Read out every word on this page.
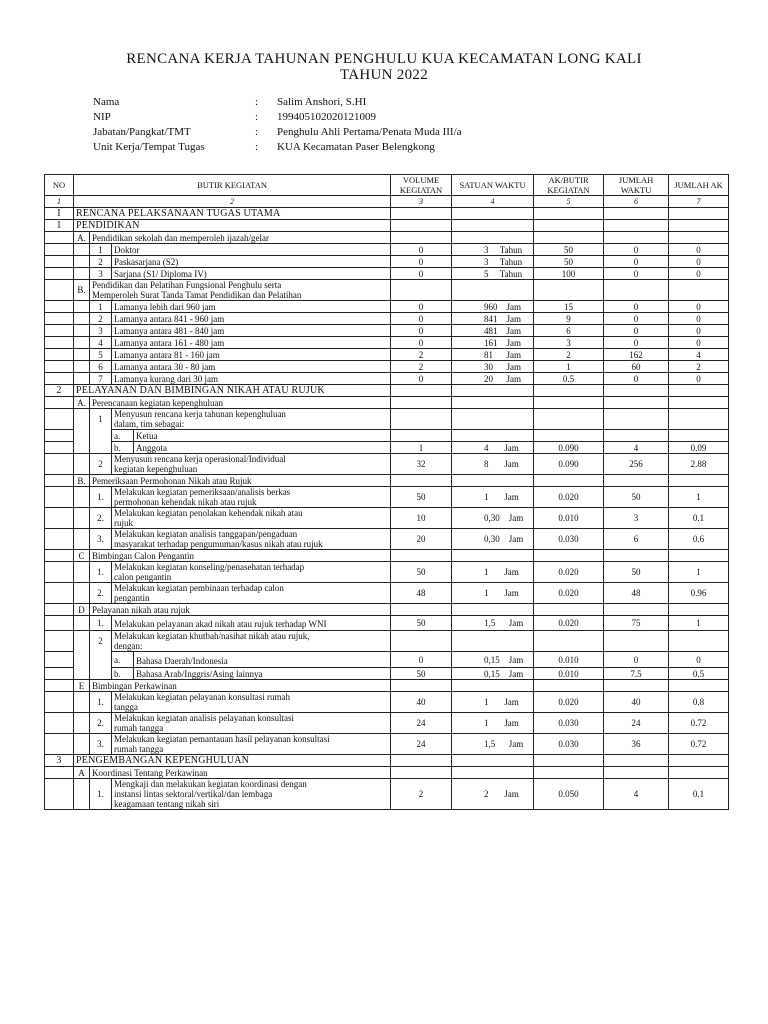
RENCANA KERJA TAHUNAN PENGHULU KUA KECAMATAN LONG KALI
TAHUN 2022
Nama	:	Salim Anshori, S.HI
NIP	:	199405102020121009
Jabatan/Pangkat/TMT	:	Penghulu Ahli Pertama/Penata Muda III/a
Unit Kerja/Tempat Tugas	:	KUA Kecamatan Paser Belengkong
NO	BUTIR KEGIATAN				VOLUME KEGIATAN	SATUAN WAKTU	AK/BUTIR KEGIATAN	JUMLAH WAKTU	JUMLAH AK
1	2				3	4	5	6	7
I	RENCANA PELAKSANAAN TUGAS UTAMA								
1	PENDIDIKAN								
	A.	Pendidikan sekolah dan memperoleh ijazah/gelar							
		1	Doktor		0	3 Tahun	50	0	0
		2	Paskasarjana (S2)		0	3 Tahun	50	0	0
		3	Sarjana (S1/ Diploma IV)		0	5 Tahun	100	0	0
	B.	Pendidikan dan Pelatihan Fungsional Penghulu serta
Memperoleh Surat Tanda Tamat Pendidikan dan Pelatihan							

		1	Lamanya lebih dari 960 jam		0	960 Jam	15	0	0
		2	Lamanya antara 841 - 960 jam		0	841 Jam	9	0	0
		3	Lamanya antara 481 - 840 jam		0	481 Jam	6	0	0
		4	Lamanya antara 161 - 480 jam		0	161 Jam	3	0	0
		5	Lamanya antara 81 - 160 jam		2	81 Jam	2	162	4
		6	Lamanya antara 30 - 80 jam		2	30 Jam	1	60	2
		7	Lamanya kurang dari 30 jam		0	20 Jam	0.5	0	0
2	PELAYANAN DAN BIMBINGAN NIKAH ATAU RUJUK								
	A.	Perencanaan kegiatan kepenghuluan							
		1	Menyusun rencana kerja tahunan kepenghuluan
dalam, tim sebagai:						

			a.	Ketua					
			b.	Anggota	1	4 Jam	0.090	4	0.09
		2	Menyusun rencana kerja operasional/Individual
kegiatan kepenghuluan		32	8 Jam	0.090	256	2.88
	B.	Pemeriksaan Permohonan Nikah atau Rujuk							
		1.	Melakukan kegiatan pemeriksaan/analisis berkas
permohonan kehendak nikah atau rujuk		50	1 Jam	0.020	50	1
		2.	Melakukan kegiatan penolakan kehendak nikah atau
rujuk		10	0,30 Jam	0.010	3	0.1
		3.	Melakukan kegiatan analisis tanggapan/pengaduan
masyarakat terhadap pengumuman/kasus nikah atau rujuk		20	0,30 Jam	0.030	6	0.6
	C	Bimbingan Calon Pengantin							
		1.	Melakukan kegiatan konseling/penasehatan terhadap
calon pengantin		50	1 Jam	0.020	50	1
		2.	Melakukan kegiatan pembinaan terhadap calon
pengantin		48	1 Jam	0.020	48	0.96
	D	Pelayanan nikah atau rujuk							
		1.	Melakukan pelayanan akad nikah atau rujuk terhadap WNI		50	1,5 Jam	0.020	75	1
		2	Melakukan kegiatan khutbah/nasihat nikah atau rujuk,
dengan:						

			a.	Bahasa Daerah/Indonesia	0	0,15 Jam	0.010	0	0
			b.	Bahasa Arab/Inggris/Asing lainnya	50	0,15 Jam	0.010	7.5	0.5
	E	Bimbingan Perkawinan							
		1.	Melakukan kegiatan pelayanan konsultasi rumah
tangga		40	1 Jam	0.020	40	0.8
		2.	Melakukan kegiatan analisis pelayanan konsultasi
rumah tangga		24	1 Jam	0.030	24	0.72
		3.	Melakukan kegiatan pemantauan hasil pelayanan konsultasi
rumah tangga		24	1,5 Jam	0.030	36	0.72
3	PENGEMBANGAN KEPENGHULUAN								
	A	Koordinasi Tentang Perkawinan							
		1.	Mengkaji dan melakukan kegiatan koordinasi dengan
instansi lintas sektoral/vertikal/dan lembaga
keagamaan tentang nikah siri		2	2 Jam	0.050	4	0.1
